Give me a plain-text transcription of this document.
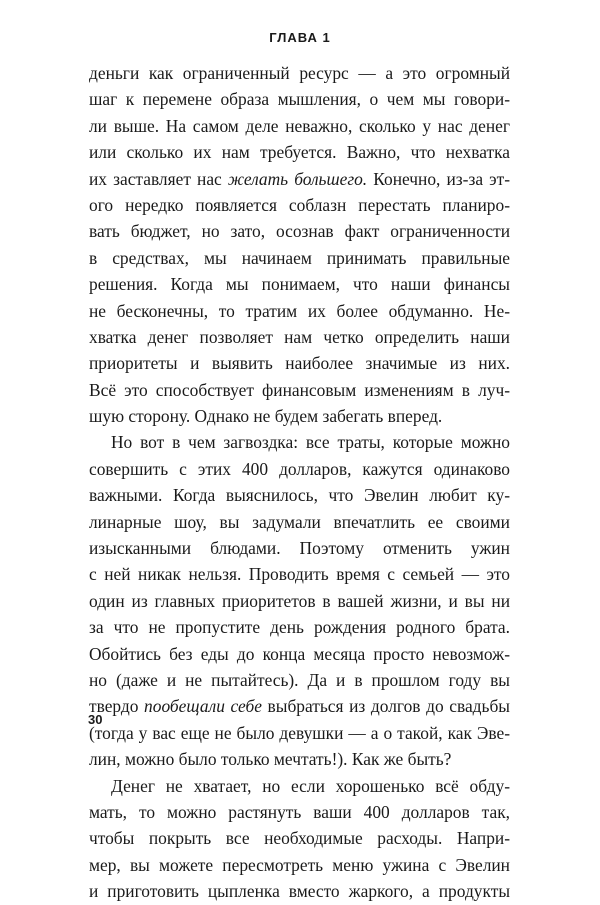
ГЛАВА 1
деньги как ограниченный ресурс — а это огромный
шаг к перемене образа мышления, о чем мы говори-
ли выше. На самом деле неважно, сколько у нас денег
или сколько их нам требуется. Важно, что нехватка
их заставляет нас желать большего. Конечно, из-за эт-
ого нередко появляется соблазн перестать планиро-
вать бюджет, но зато, осознав факт ограниченности
в средствах, мы начинаем принимать правильные
решения. Когда мы понимаем, что наши финансы
не бесконечны, то тратим их более обдуманно. Не-
хватка денег позволяет нам четко определить наши
приоритеты и выявить наиболее значимые из них.
Всё это способствует финансовым изменениям в луч-
шую сторону. Однако не будем забегать вперед.
Но вот в чем загвоздка: все траты, которые можно
совершить с этих 400 долларов, кажутся одинаково
важными. Когда выяснилось, что Эвелин любит ку-
линарные шоу, вы задумали впечатлить ее своими
изысканными блюдами. Поэтому отменить ужин
с ней никак нельзя. Проводить время с семьей — это
один из главных приоритетов в вашей жизни, и вы ни
за что не пропустите день рождения родного брата.
Обойтись без еды до конца месяца просто невозмож-
но (даже и не пытайтесь). Да и в прошлом году вы
твердо пообещали себе выбраться из долгов до свадьбы
(тогда у вас еще не было девушки — а о такой, как Эве-
лин, можно было только мечтать!). Как же быть?
Денег не хватает, но если хорошенько всё обду-
мать, то можно растянуть ваши 400 долларов так,
чтобы покрыть все необходимые расходы. Напри-
мер, вы можете пересмотреть меню ужина с Эвелин
и приготовить цыпленка вместо жаркого, а продукты
30
